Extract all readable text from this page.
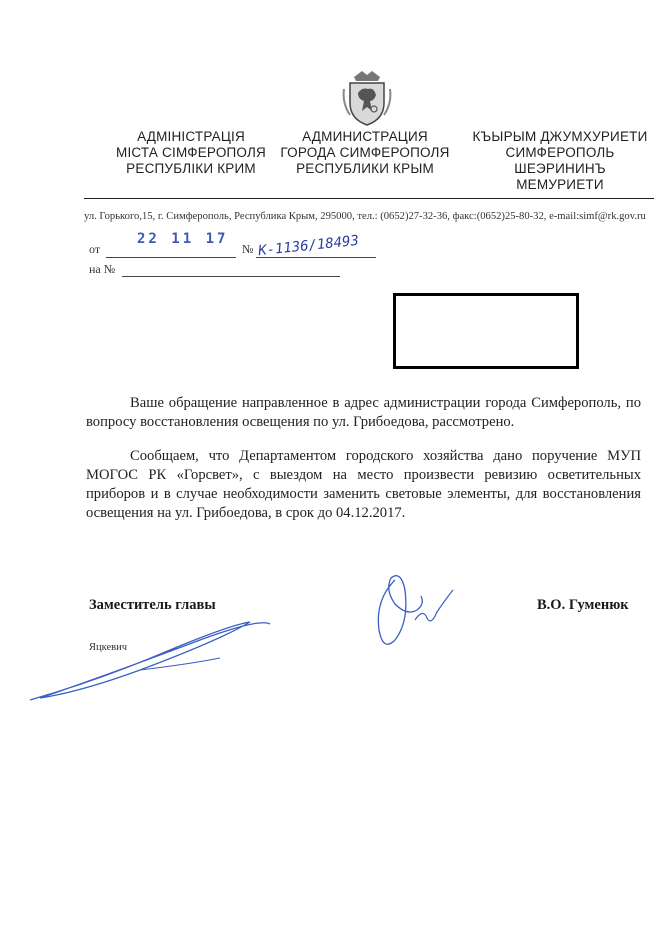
АДМІНІСТРАЦІЯ
МІСТА СІМФЕРОПОЛЯ
РЕСПУБЛІКИ КРИМ
АДМИНИСТРАЦИЯ
ГОРОДА СИМФЕРОПОЛЯ
РЕСПУБЛИКИ КРЫМ
КЪЫРЫМ ДЖУМХУРИЕТИ
СИМФЕРОПОЛЬ
ШЕЭРИНИНЪ
МЕМУРИЕТИ
ул. Горького,15, г. Симферополь, Республика Крым, 295000, тел.: (0652)27-32-36, факс:(0652)25-80-32, e-mail:simf@rk.gov.ru
от	№
22 11 17 К-1136/18493
на №

Ваше обращение направленное в адрес администрации города Симферополь, по вопросу восстановления освещения по ул. Грибоедова, рассмотрено.

Сообщаем, что Департаментом городского хозяйства дано поручение МУП МОГОС РК «Горсвет», с выездом на место произвести ревизию осветительных приборов и в случае необходимости заменить световые элементы, для восстановления освещения на ул. Грибоедова, в срок до 04.12.2017.

Заместитель главы	В.О. Гуменюк
Яцкевич
